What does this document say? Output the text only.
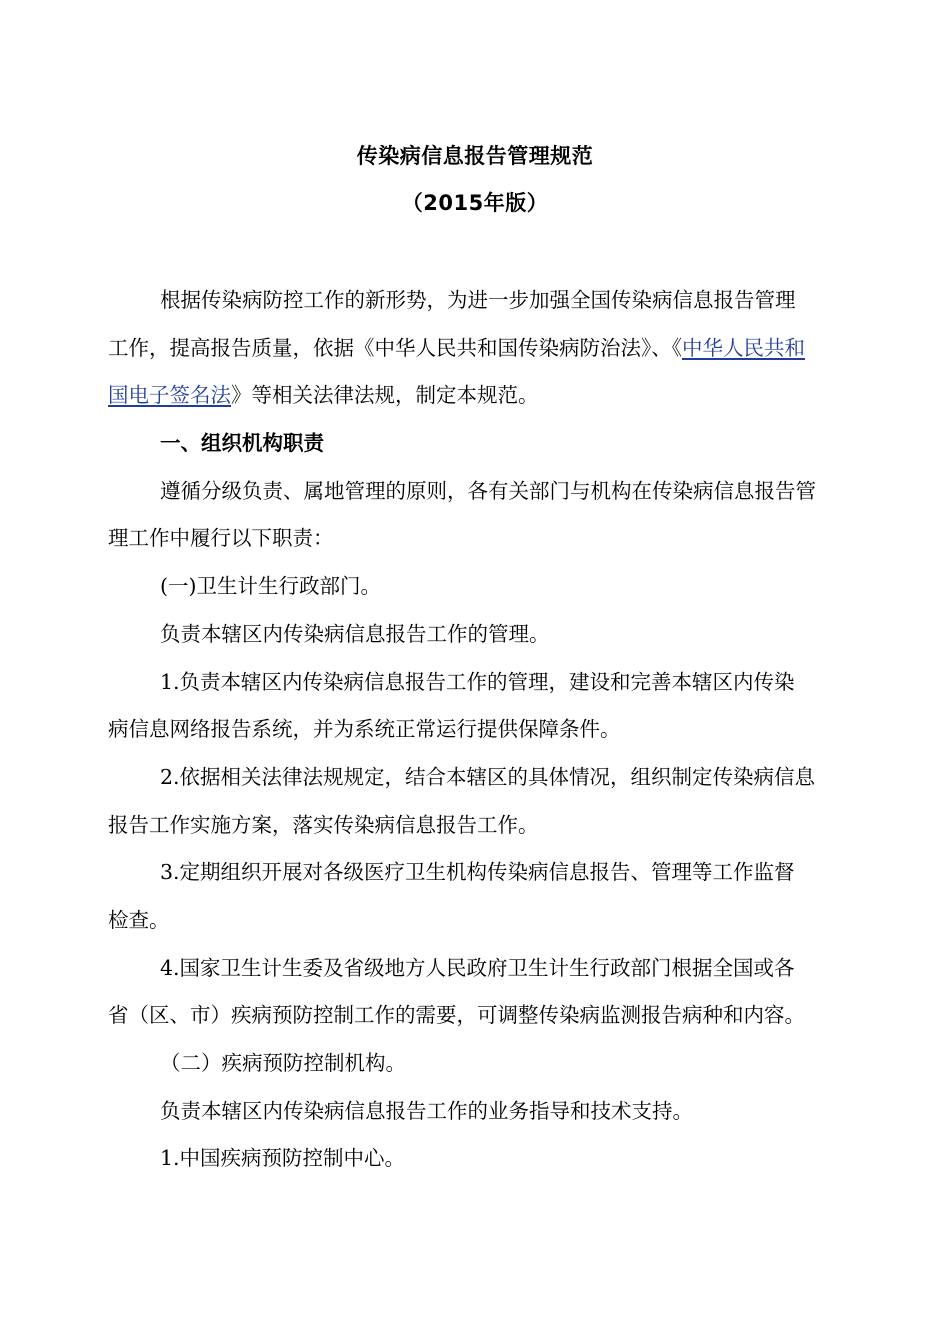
传染病信息报告管理规范
（2015年版）
根据传染病防控工作的新形势，为进一步加强全国传染病信息报告管理
工作，提高报告质量，依据《中华人民共和国传染病防治法》、《中华人民共和
国电子签名法》等相关法律法规，制定本规范。
一、组织机构职责
遵循分级负责、属地管理的原则，各有关部门与机构在传染病信息报告管
理工作中履行以下职责：
(一)卫生计生行政部门。
负责本辖区内传染病信息报告工作的管理。
1.负责本辖区内传染病信息报告工作的管理，建设和完善本辖区内传染
病信息网络报告系统，并为系统正常运行提供保障条件。
2.依据相关法律法规规定，结合本辖区的具体情况，组织制定传染病信息
报告工作实施方案，落实传染病信息报告工作。
3.定期组织开展对各级医疗卫生机构传染病信息报告、管理等工作监督
检查。
4.国家卫生计生委及省级地方人民政府卫生计生行政部门根据全国或各
省（区、市）疾病预防控制工作的需要，可调整传染病监测报告病种和内容。
（二）疾病预防控制机构。
负责本辖区内传染病信息报告工作的业务指导和技术支持。
1.中国疾病预防控制中心。
